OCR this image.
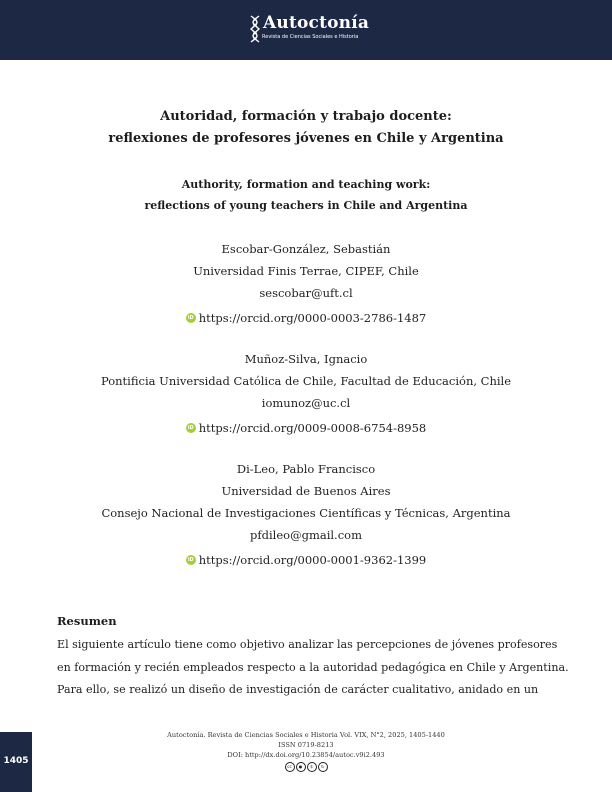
Autoctonía
Revista de Ciencias Sociales e Historia
Autoridad, formación y trabajo docente:
reflexiones de profesores jóvenes en Chile y Argentina
Authority, formation and teaching work:
reflections of young teachers in Chile and Argentina
Escobar-González, Sebastián
Universidad Finis Terrae, CIPEF, Chile
sescobar@uft.cl
iD https://orcid.org/0000-0003-2786-1487
Muñoz-Silva, Ignacio
Pontificia Universidad Católica de Chile, Facultad de Educación, Chile
iomunoz@uc.cl
iD https://orcid.org/0009-0008-6754-8958
Di-Leo, Pablo Francisco
Universidad de Buenos Aires
Consejo Nacional de Investigaciones Científicas y Técnicas, Argentina
pfdileo@gmail.com
iD https://orcid.org/0000-0001-9362-1399
Resumen

El siguiente artículo tiene como objetivo analizar las percepciones de jóvenes profesores

en formación y recién empleados respecto a la autoridad pedagógica en Chile y Argentina.

Para ello, se realizó un diseño de investigación de carácter cualitativo, anidado en un

Autoctonía. Revista de Ciencias Sociales e Historia Vol. VIX, N°2, 2025, 1405-1440
ISSN 0719-8213
DOI: http://dx.doi.org/10.23854/autoc.v9i2.493
cc	●	$	↻
1405
